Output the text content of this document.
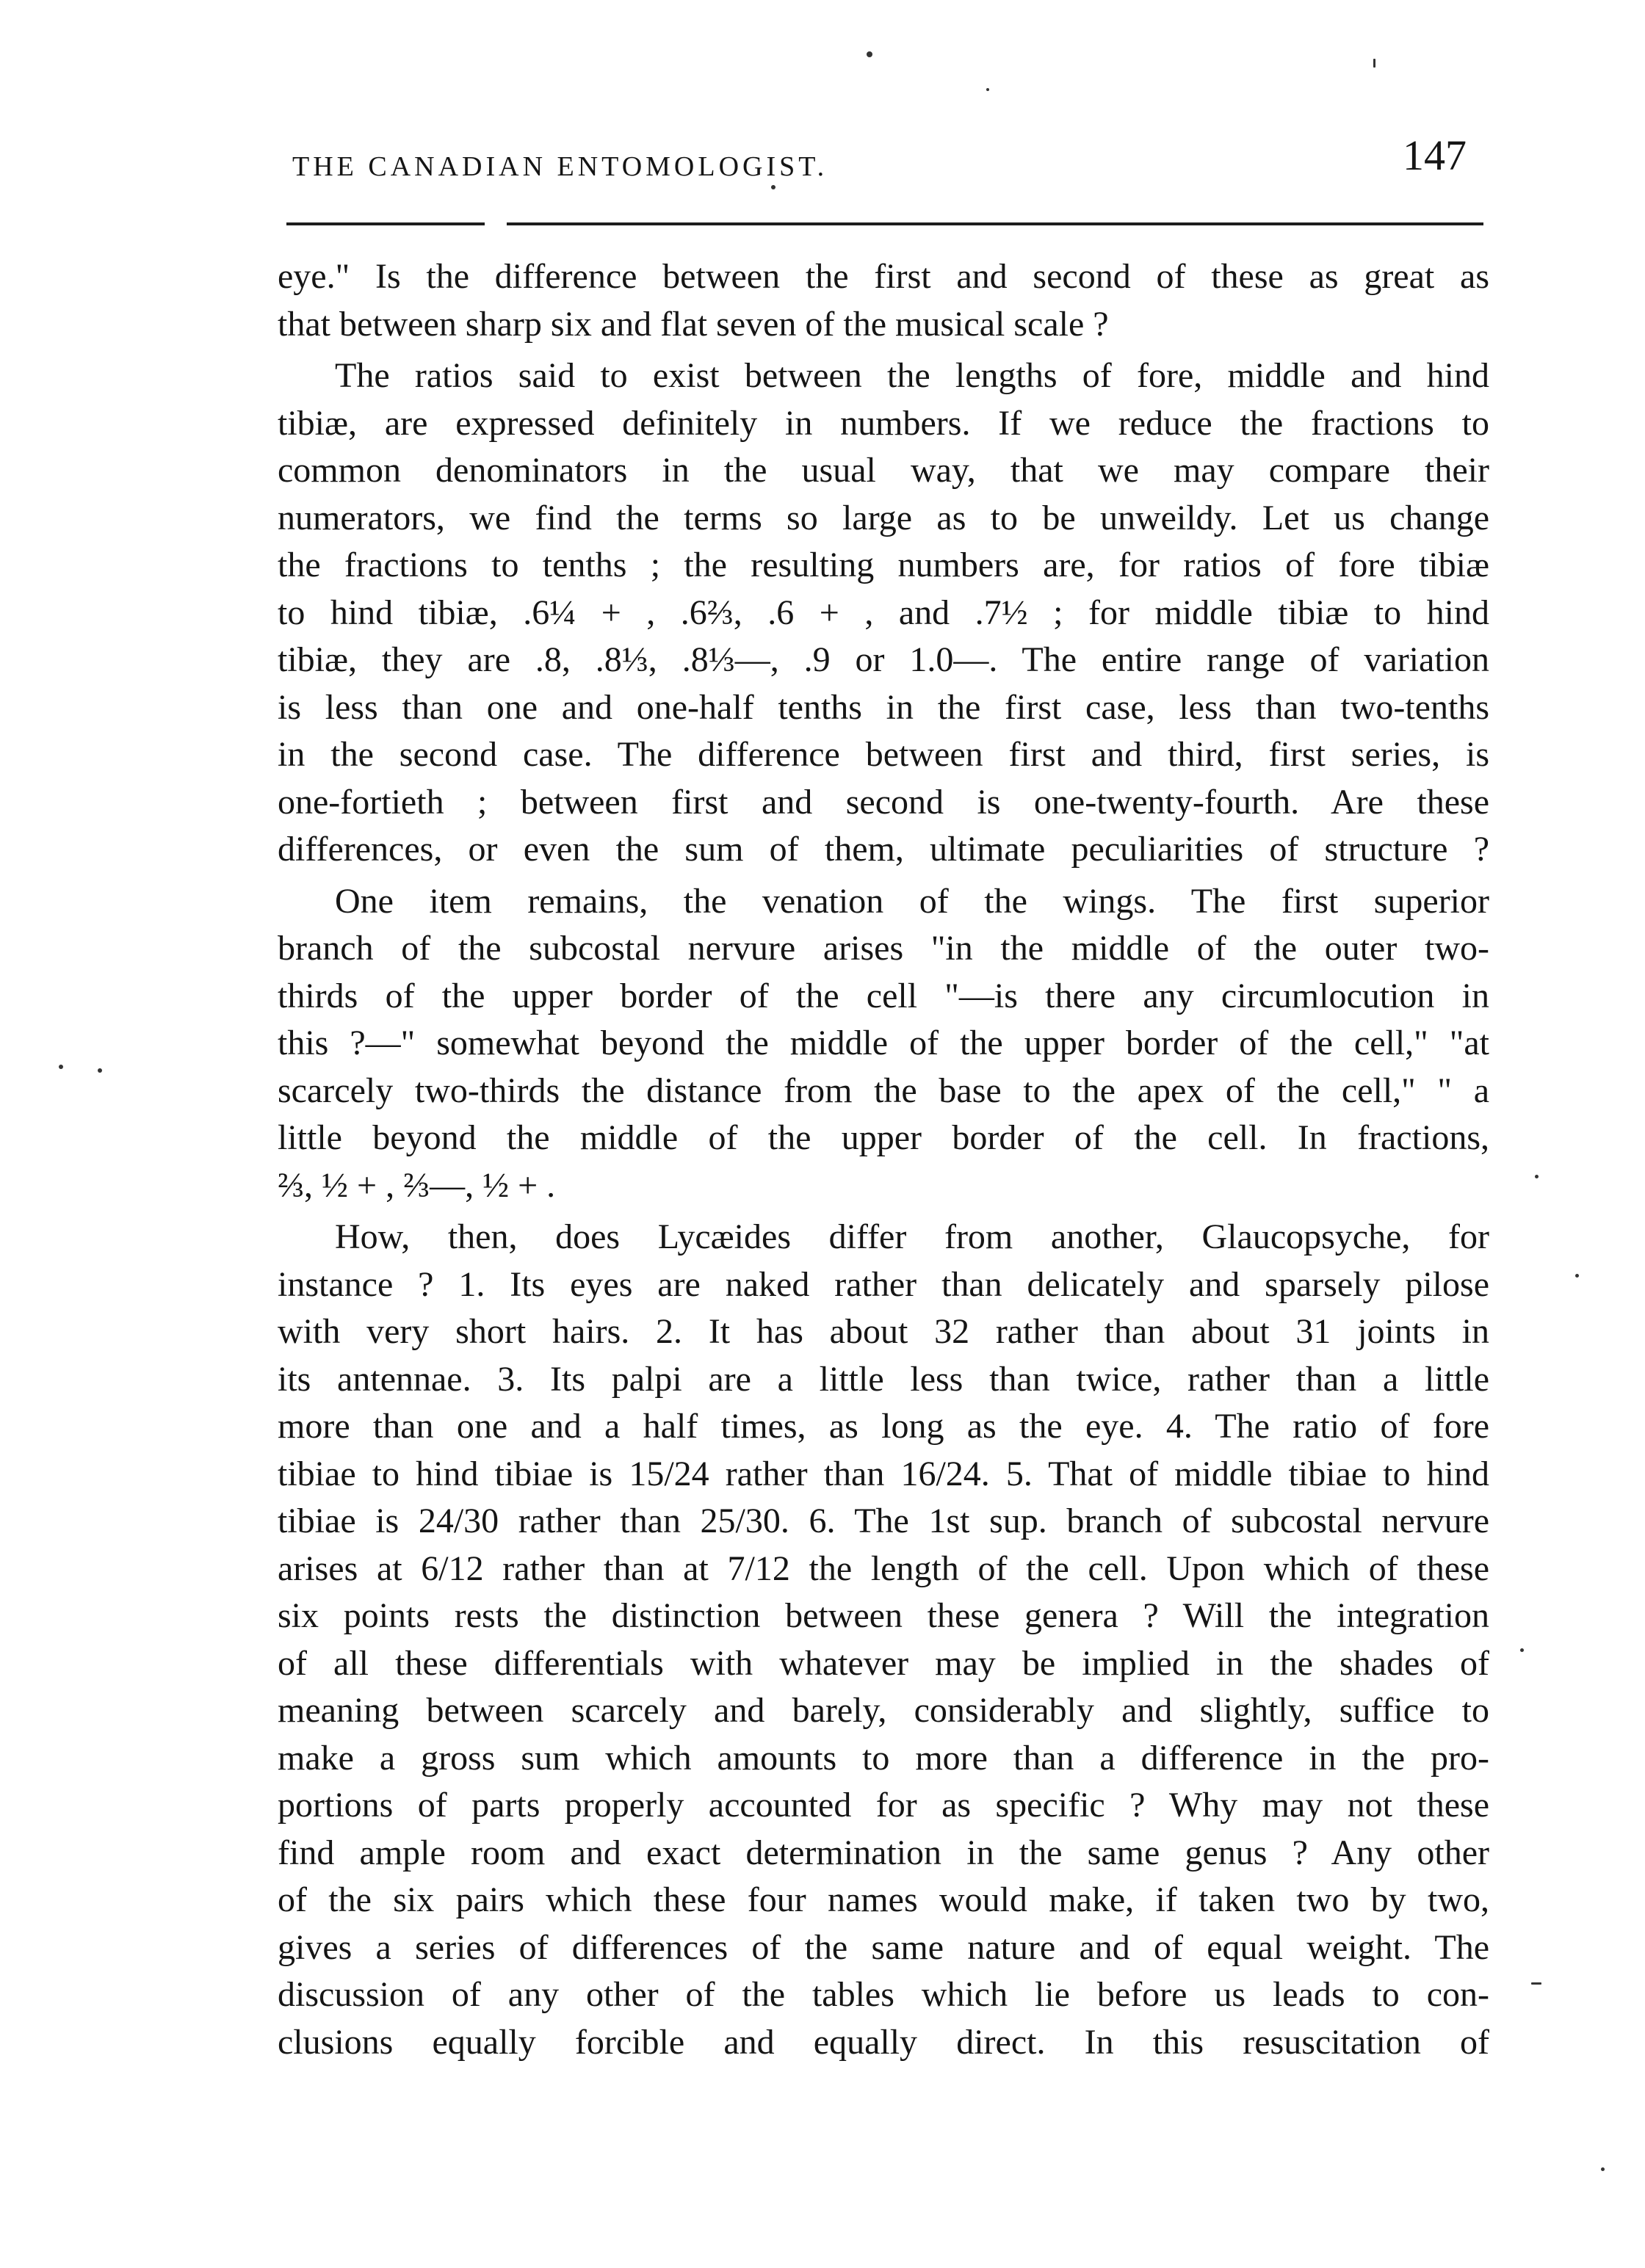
THE CANADIAN ENTOMOLOGIST.	147
eye." Is the difference between the first and second of these as great as
that between sharp six and flat seven of the musical scale ?
The ratios said to exist between the lengths of fore, middle and hind
tibiæ, are expressed definitely in numbers. If we reduce the fractions to
common denominators in the usual way, that we may compare their
numerators, we find the terms so large as to be unweildy. Let us change
the fractions to tenths ; the resulting numbers are, for ratios of fore tibiæ
to hind tibiæ, .6¼ + , .6⅔, .6 + , and .7½ ; for middle tibiæ to hind
tibiæ, they are .8, .8⅓, .8⅓—, .9 or 1.0—. The entire range of variation
is less than one and one-half tenths in the first case, less than two-tenths
in the second case. The difference between first and third, first series, is
one-fortieth ; between first and second is one-twenty-fourth. Are these
differences, or even the sum of them, ultimate peculiarities of structure ?
One item remains, the venation of the wings. The first superior
branch of the subcostal nervure arises "in the middle of the outer two-
thirds of the upper border of the cell "—is there any circumlocution in
this ?—" somewhat beyond the middle of the upper border of the cell," "at
scarcely two-thirds the distance from the base to the apex of the cell," " a
little beyond the middle of the upper border of the cell. In fractions,
⅔, ½ + , ⅔—, ½ + .
How, then, does Lycæides differ from another, Glaucopsyche, for
instance ? 1. Its eyes are naked rather than delicately and sparsely pilose
with very short hairs. 2. It has about 32 rather than about 31 joints in
its antennae. 3. Its palpi are a little less than twice, rather than a little
more than one and a half times, as long as the eye. 4. The ratio of fore
tibiae to hind tibiae is 15/24 rather than 16/24. 5. That of middle tibiae to hind
tibiae is 24/30 rather than 25/30. 6. The 1st sup. branch of subcostal nervure
arises at 6/12 rather than at 7/12 the length of the cell. Upon which of these
six points rests the distinction between these genera ? Will the integration
of all these differentials with whatever may be implied in the shades of
meaning between scarcely and barely, considerably and slightly, suffice to
make a gross sum which amounts to more than a difference in the pro-
portions of parts properly accounted for as specific ? Why may not these
find ample room and exact determination in the same genus ? Any other
of the six pairs which these four names would make, if taken two by two,
gives a series of differences of the same nature and of equal weight. The
discussion of any other of the tables which lie before us leads to con-
clusions equally forcible and equally direct. In this resuscitation of
